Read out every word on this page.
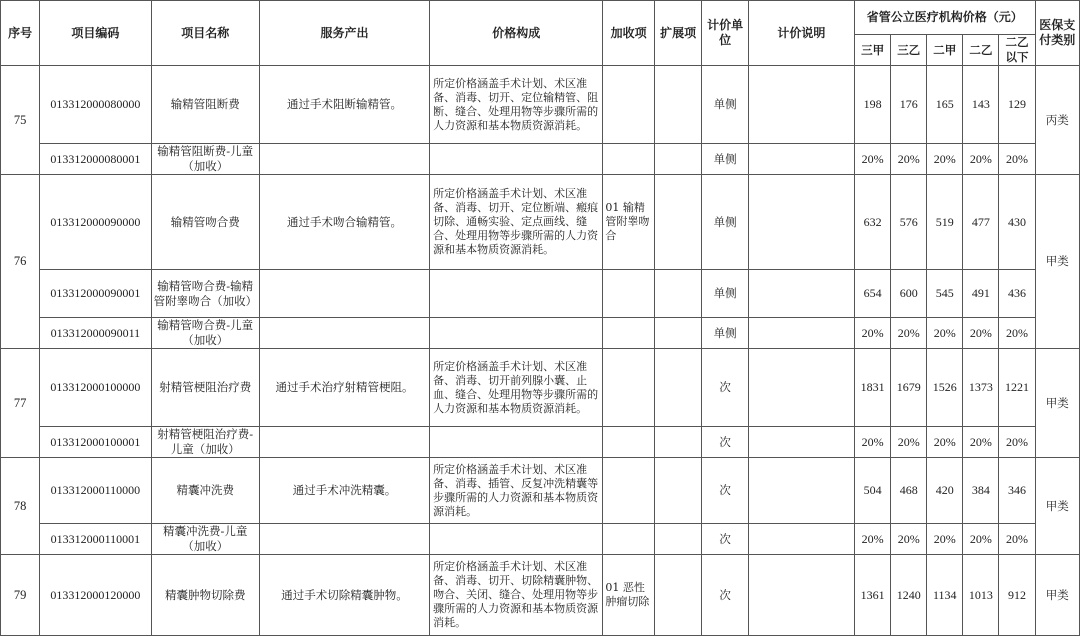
序号	项目编码	项目名称	服务产出	价格构成	加收项	扩展项	计价单位	计价说明	省管公立医疗机构价格（元）					医保支付类别
									三甲	三乙	二甲	二乙	二乙以下	
75	013312000080000	输精管阻断费	通过手术阻断输精管。	所定价格涵盖手术计划、术区准备、消毒、切开、定位输精管、阻断、缝合、处理用物等步骤所需的人力资源和基本物质资源消耗。			单侧		198	176	165	143	129	丙类
	013312000080001	输精管阻断费-儿童（加收）					单侧		20%	20%	20%	20%	20%	
76	013312000090000	输精管吻合费	通过手术吻合输精管。	所定价格涵盖手术计划、术区准备、消毒、切开、定位断端、瘢痕切除、通畅实验、定点画线、缝合、处理用物等步骤所需的人力资源和基本物质资源消耗。	01 输精管附睾吻合		单侧		632	576	519	477	430	甲类
	013312000090001	输精管吻合费-输精管附睾吻合（加收）					单侧		654	600	545	491	436	
	013312000090011	输精管吻合费-儿童（加收）					单侧		20%	20%	20%	20%	20%	
77	013312000100000	射精管梗阻治疗费	通过手术治疗射精管梗阻。	所定价格涵盖手术计划、术区准备、消毒、切开前列腺小囊、止血、缝合、处理用物等步骤所需的人力资源和基本物质资源消耗。			次		1831	1679	1526	1373	1221	甲类
	013312000100001	射精管梗阻治疗费-儿童（加收）					次		20%	20%	20%	20%	20%	
78	013312000110000	精囊冲洗费	通过手术冲洗精囊。	所定价格涵盖手术计划、术区准备、消毒、插管、反复冲洗精囊等步骤所需的人力资源和基本物质资源消耗。			次		504	468	420	384	346	甲类
	013312000110001	精囊冲洗费-儿童（加收）					次		20%	20%	20%	20%	20%	
79	013312000120000	精囊肿物切除费	通过手术切除精囊肿物。	所定价格涵盖手术计划、术区准备、消毒、切开、切除精囊肿物、吻合、关闭、缝合、处理用物等步骤所需的人力资源和基本物质资源消耗。	01 恶性肿瘤切除		次		1361	1240	1134	1013	912	甲类
